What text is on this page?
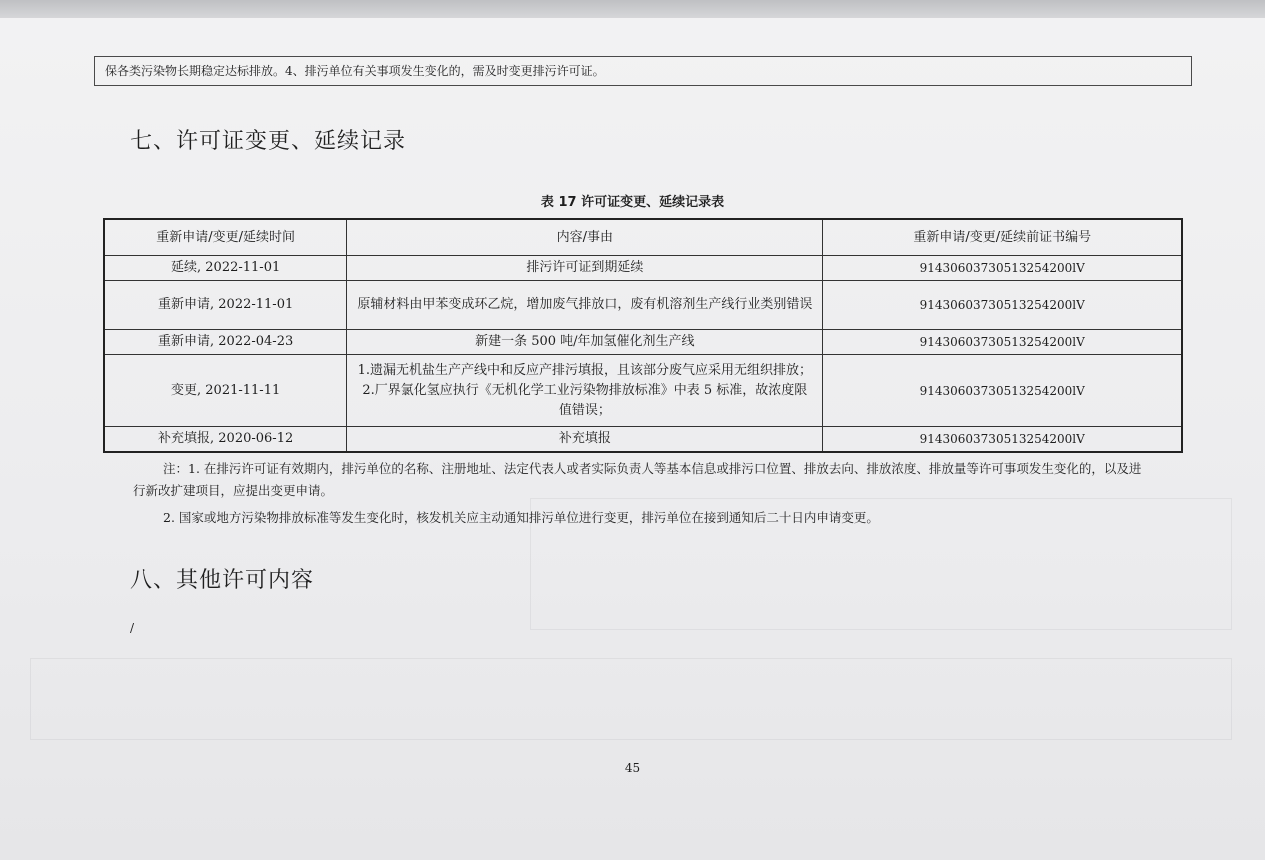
保各类污染物长期稳定达标排放。4、排污单位有关事项发生变化的，需及时变更排污许可证。
七、许可证变更、延续记录
表 17 许可证变更、延续记录表
重新申请/变更/延续时间	内容/事由	重新申请/变更/延续前证书编号
延续, 2022-11-01	排污许可证到期延续	91430603730513254200lV
重新申请, 2022-11-01	原辅材料由甲苯变成环乙烷，增加废气排放口，废有机溶剂生产线行业类别错误	91430603730513254200lV
重新申请, 2022-04-23	新建一条 500 吨/年加氢催化剂生产线	91430603730513254200lV
变更, 2021-11-11	1.遗漏无机盐生产产线中和反应产排污填报，且该部分废气应采用无组织排放；2.厂界氯化氢应执行《无机化学工业污染物排放标准》中表 5 标准，故浓度限值错误；	91430603730513254200lV
补充填报, 2020-06-12	补充填报	91430603730513254200lV
注：1. 在排污许可证有效期内，排污单位的名称、注册地址、法定代表人或者实际负责人等基本信息或排污口位置、排放去向、排放浓度、排放量等许可事项发生变化的，以及进行新改扩建项目，应提出变更申请。
2. 国家或地方污染物排放标准等发生变化时，核发机关应主动通知排污单位进行变更，排污单位在接到通知后二十日内申请变更。
八、其他许可内容
/
45
